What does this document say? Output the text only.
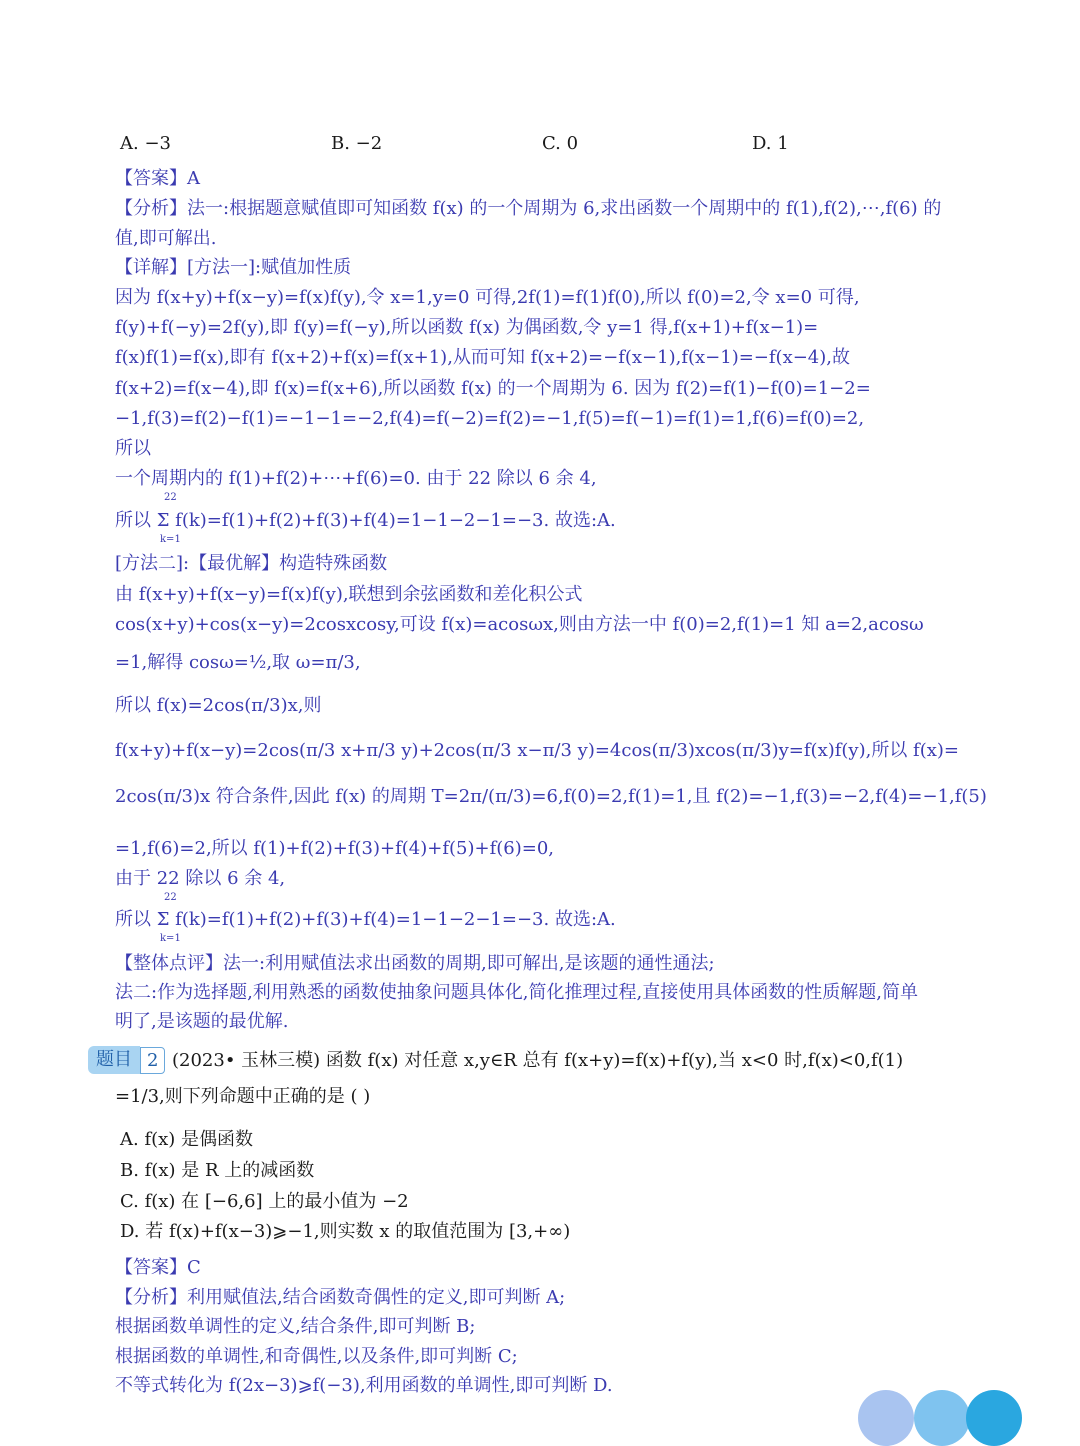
A. −3	B. −2	C. 0	D. 1
【答案】A
【分析】法一:根据题意赋值即可知函数 f(x) 的一个周期为 6,求出函数一个周期中的 f(1),f(2),⋯,f(6) 的
值,即可解出.
【详解】[方法一]:赋值加性质
因为 f(x+y)+f(x−y)=f(x)f(y),令 x=1,y=0 可得,2f(1)=f(1)f(0),所以 f(0)=2,令 x=0 可得,
f(y)+f(−y)=2f(y),即 f(y)=f(−y),所以函数 f(x) 为偶函数,令 y=1 得,f(x+1)+f(x−1)=
f(x)f(1)=f(x),即有 f(x+2)+f(x)=f(x+1),从而可知 f(x+2)=−f(x−1),f(x−1)=−f(x−4),故
f(x+2)=f(x−4),即 f(x)=f(x+6),所以函数 f(x) 的一个周期为 6. 因为 f(2)=f(1)−f(0)=1−2=
−1,f(3)=f(2)−f(1)=−1−1=−2,f(4)=f(−2)=f(2)=−1,f(5)=f(−1)=f(1)=1,f(6)=f(0)=2,
所以
一个周期内的 f(1)+f(2)+⋯+f(6)=0. 由于 22 除以 6 余 4,
所以 Σ f(k)=f(1)+f(2)+f(3)+f(4)=1−1−2−1=−3. 故选:A.
22
k=1
[方法二]:【最优解】构造特殊函数
由 f(x+y)+f(x−y)=f(x)f(y),联想到余弦函数和差化积公式
cos(x+y)+cos(x−y)=2cosxcosy,可设 f(x)=acosωx,则由方法一中 f(0)=2,f(1)=1 知 a=2,acosω
=1,解得 cosω=½,取 ω=π/3,
所以 f(x)=2cos(π/3)x,则
f(x+y)+f(x−y)=2cos(π/3 x+π/3 y)+2cos(π/3 x−π/3 y)=4cos(π/3)xcos(π/3)y=f(x)f(y),所以 f(x)=
2cos(π/3)x 符合条件,因此 f(x) 的周期 T=2π/(π/3)=6,f(0)=2,f(1)=1,且 f(2)=−1,f(3)=−2,f(4)=−1,f(5)
=1,f(6)=2,所以 f(1)+f(2)+f(3)+f(4)+f(5)+f(6)=0,
由于 22 除以 6 余 4,
所以 Σ f(k)=f(1)+f(2)+f(3)+f(4)=1−1−2−1=−3. 故选:A.
22
k=1
【整体点评】法一:利用赋值法求出函数的周期,即可解出,是该题的通性通法;
法二:作为选择题,利用熟悉的函数使抽象问题具体化,简化推理过程,直接使用具体函数的性质解题,简单
明了,是该题的最优解.
题目 2 (2023• 玉林三模) 函数 f(x) 对任意 x,y∈R 总有 f(x+y)=f(x)+f(y),当 x<0 时,f(x)<0,f(1)
=1/3,则下列命题中正确的是 ( )
A. f(x) 是偶函数
B. f(x) 是 R 上的减函数
C. f(x) 在 [−6,6] 上的最小值为 −2
D. 若 f(x)+f(x−3)⩾−1,则实数 x 的取值范围为 [3,+∞)
【答案】C
【分析】利用赋值法,结合函数奇偶性的定义,即可判断 A;
根据函数单调性的定义,结合条件,即可判断 B;
根据函数的单调性,和奇偶性,以及条件,即可判断 C;
不等式转化为 f(2x−3)⩾f(−3),利用函数的单调性,即可判断 D.
